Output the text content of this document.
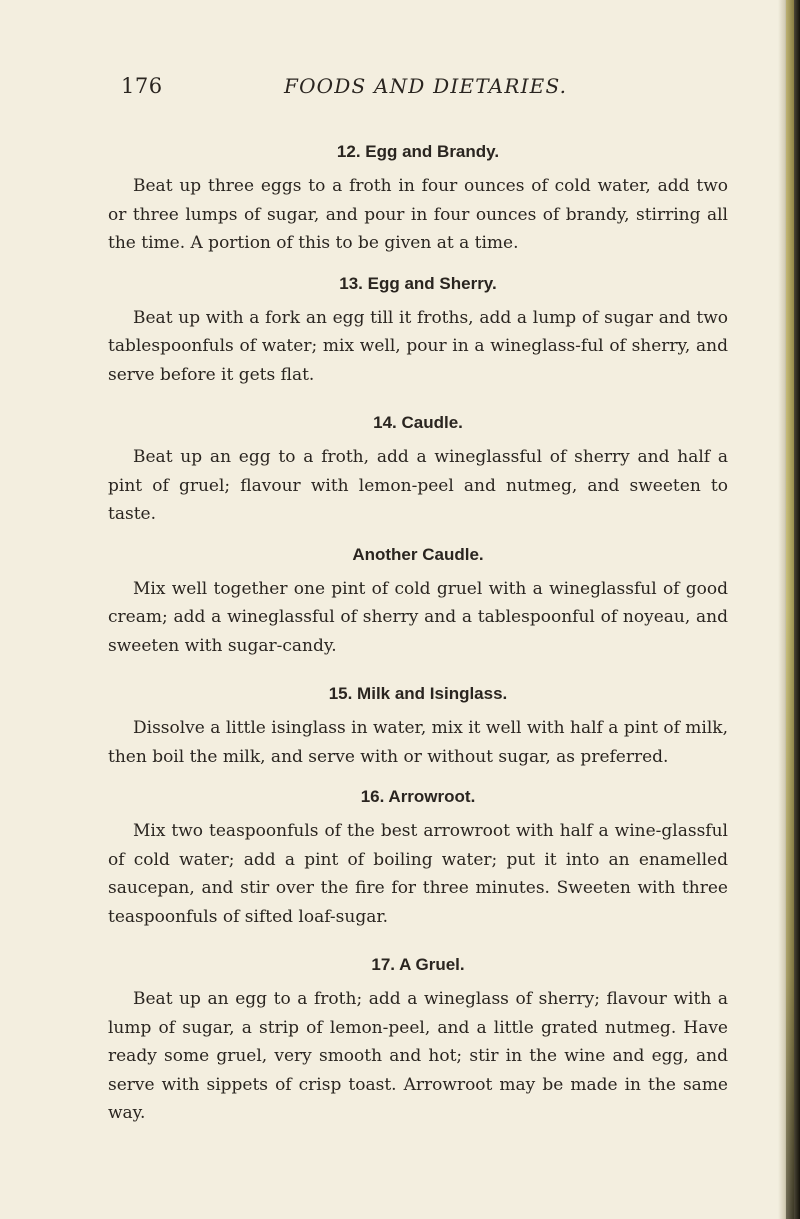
176	FOODS AND DIETARIES.
12. Egg and Brandy.

Beat up three eggs to a froth in four ounces of cold water, add two or three lumps of sugar, and pour in four ounces of brandy, stirring all the time. A portion of this to be given at a time.

13. Egg and Sherry.

Beat up with a fork an egg till it froths, add a lump of sugar and two tablespoonfuls of water; mix well, pour in a wineglass-ful of sherry, and serve before it gets flat.

14. Caudle.

Beat up an egg to a froth, add a wineglassful of sherry and half a pint of gruel; flavour with lemon-peel and nutmeg, and sweeten to taste.

Another Caudle.

Mix well together one pint of cold gruel with a wineglassful of good cream; add a wineglassful of sherry and a tablespoonful of noyeau, and sweeten with sugar-candy.

15. Milk and Isinglass.

Dissolve a little isinglass in water, mix it well with half a pint of milk, then boil the milk, and serve with or without sugar, as preferred.

16. Arrowroot.

Mix two teaspoonfuls of the best arrowroot with half a wine-glassful of cold water; add a pint of boiling water; put it into an enamelled saucepan, and stir over the fire for three minutes. Sweeten with three teaspoonfuls of sifted loaf-sugar.

17. A Gruel.

Beat up an egg to a froth; add a wineglass of sherry; flavour with a lump of sugar, a strip of lemon-peel, and a little grated nutmeg. Have ready some gruel, very smooth and hot; stir in the wine and egg, and serve with sippets of crisp toast. Arrowroot may be made in the same way.
